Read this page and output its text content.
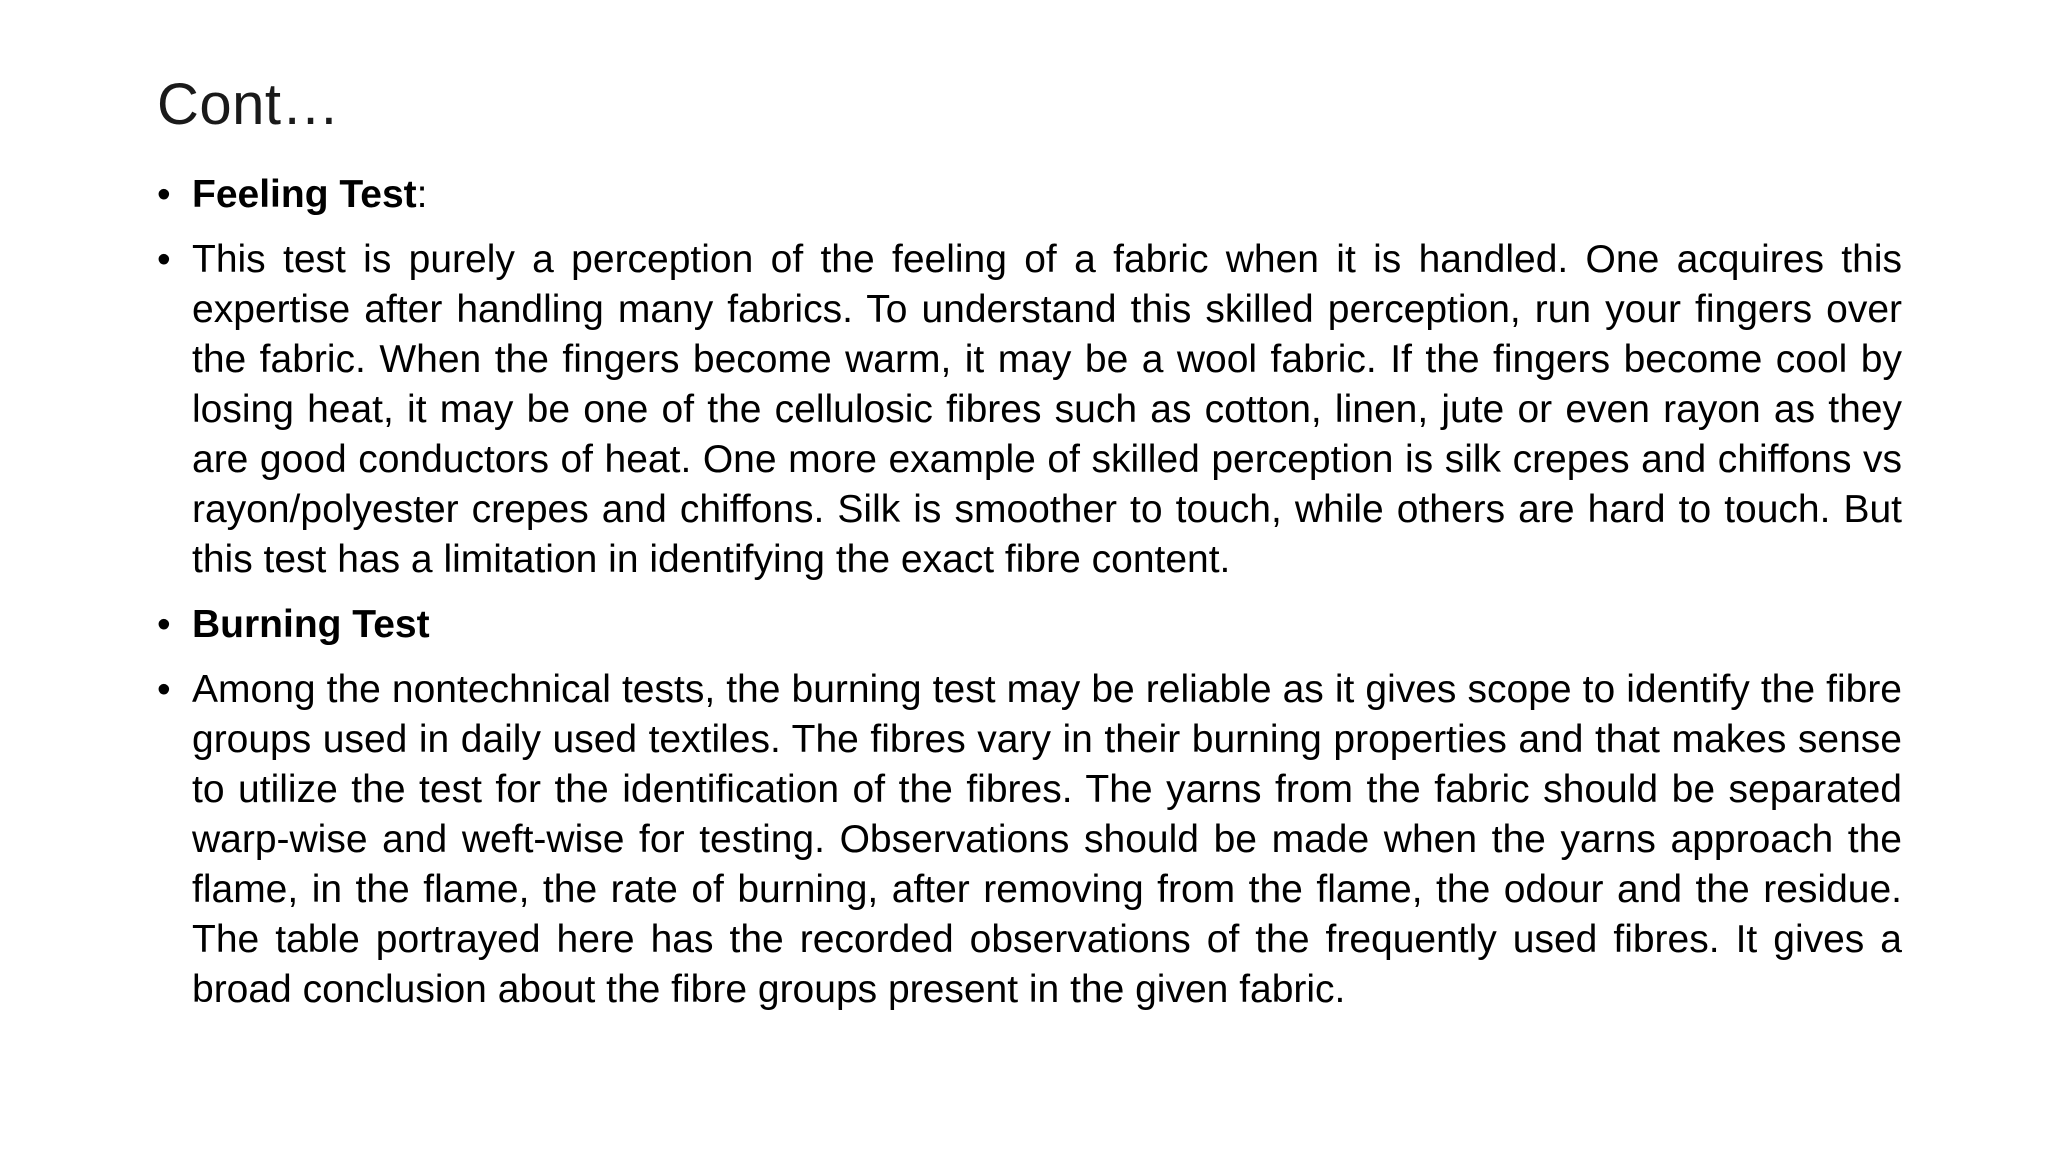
Cont…
• Feeling Test:
• This test is purely a perception of the feeling of a fabric when it is handled. One acquires this expertise after handling many fabrics. To understand this skilled perception, run your fingers over the fabric. When the fingers become warm, it may be a wool fabric. If the fingers become cool by losing heat, it may be one of the cellulosic fibres such as cotton, linen, jute or even rayon as they are good conductors of heat. One more example of skilled perception is silk crepes and chiffons vs rayon/polyester crepes and chiffons. Silk is smoother to touch, while others are hard to touch. But this test has a limitation in identifying the exact fibre content.
• Burning Test
• Among the nontechnical tests, the burning test may be reliable as it gives scope to identify the fibre groups used in daily used textiles. The fibres vary in their burning properties and that makes sense to utilize the test for the identification of the fibres. The yarns from the fabric should be separated warp-wise and weft-wise for testing. Observations should be made when the yarns approach the flame, in the flame, the rate of burning, after removing from the flame, the odour and the residue. The table portrayed here has the recorded observations of the frequently used fibres. It gives a broad conclusion about the fibre groups present in the given fabric.
